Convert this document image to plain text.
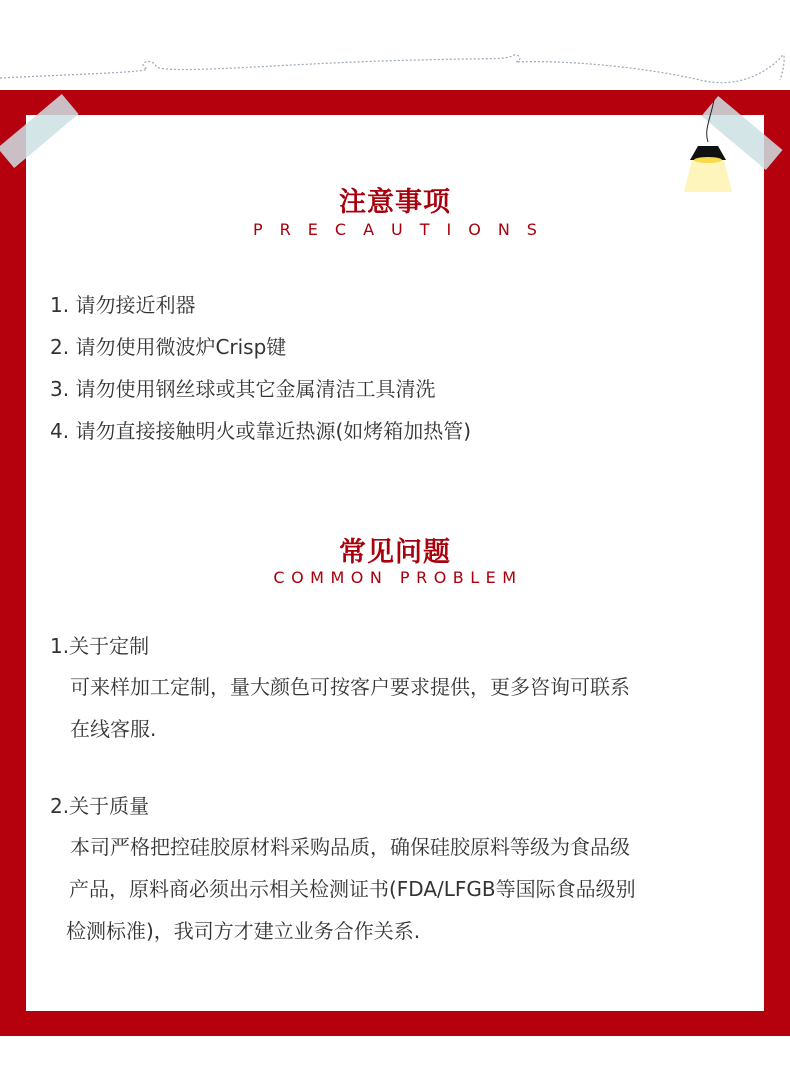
注意事项
PRECAUTIONS
1. 请勿接近利器
2. 请勿使用微波炉Crisp键
3. 请勿使用钢丝球或其它金属清洁工具清洗
4. 请勿直接接触明火或靠近热源(如烤箱加热管)
常见问题
COMMON PROBLEM
1.关于定制

可来样加工定制，量大颜色可按客户要求提供，更多咨询可联系
在线客服.

2.关于质量

本司严格把控硅胶原材料采购品质，确保硅胶原料等级为食品级
产品，原料商必须出示相关检测证书(FDA/LFGB等国际食品级别
检测标准)，我司方才建立业务合作关系.
